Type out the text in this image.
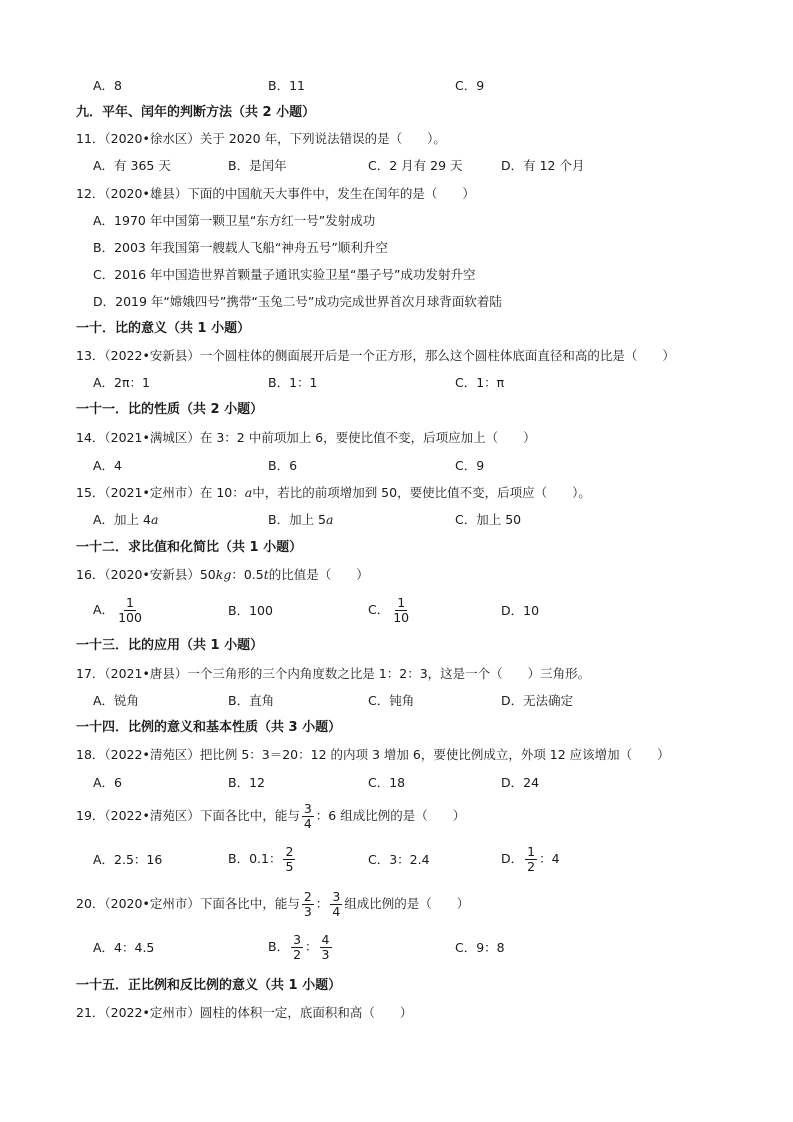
A．8	B．11	C．9
九．平年、闰年的判断方法（共 2 小题）
11．（2020•徐水区）关于 2020 年，下列说法错误的是（　　）。
A．有 365 天	B．是闰年	C．2 月有 29 天	D．有 12 个月
12．（2020•雄县）下面的中国航天大事件中，发生在闰年的是（　　）
A．1970 年中国第一颗卫星“东方红一号”发射成功
B．2003 年我国第一艘载人飞船“神舟五号”顺利升空
C．2016 年中国造世界首颗量子通讯实验卫星“墨子号”成功发射升空
D．2019 年“嫦娥四号”携带“玉兔二号”成功完成世界首次月球背面软着陆
一十．比的意义（共 1 小题）
13．（2022•安新县）一个圆柱体的侧面展开后是一个正方形，那么这个圆柱体底面直径和高的比是（　　）
A．2π：1	B．1：1	C．1：π
一十一．比的性质（共 2 小题）
14．（2021•满城区）在 3：2 中前项加上 6，要使比值不变，后项应加上（　　）
A．4	B．6	C．9
15．（2021•定州市）在 10：a中，若比的前项增加到 50，要使比值不变，后项应（　　）。
A．加上 4a	B．加上 5a	C．加上 50
一十二．求比值和化简比（共 1 小题）
16．（2020•安新县）50kg：0.5t的比值是（　　）
A． $\frac{1}{100}$	B．100	C． $\frac{1}{10}$	D．10
一十三．比的应用（共 1 小题）
17．（2021•唐县）一个三角形的三个内角度数之比是 1：2：3，这是一个（　　）三角形。
A．锐角	B．直角	C．钝角	D．无法确定
一十四．比例的意义和基本性质（共 3 小题）
18．（2022•清苑区）把比例 5：3＝20：12 的内项 3 增加 6，要使比例成立，外项 12 应该增加（　　）
A．6	B．12	C．18	D．24
19．（2022•清苑区）下面各比中，能与 $\frac{3}{4}$ ：6 组成比例的是（　　）
A．2.5：16	B．0.1： $\frac{2}{5}$	C．3：2.4	D． $\frac{1}{2}$ ：4
20．（2020•定州市）下面各比中，能与 $\frac{2}{3}$ ： $\frac{3}{4}$ 组成比例的是（　　）
A．4：4.5	B． $\frac{3}{2}$ ： $\frac{4}{3}$	C．9：8
一十五．正比例和反比例的意义（共 1 小题）
21．（2022•定州市）圆柱的体积一定，底面积和高（　　）
